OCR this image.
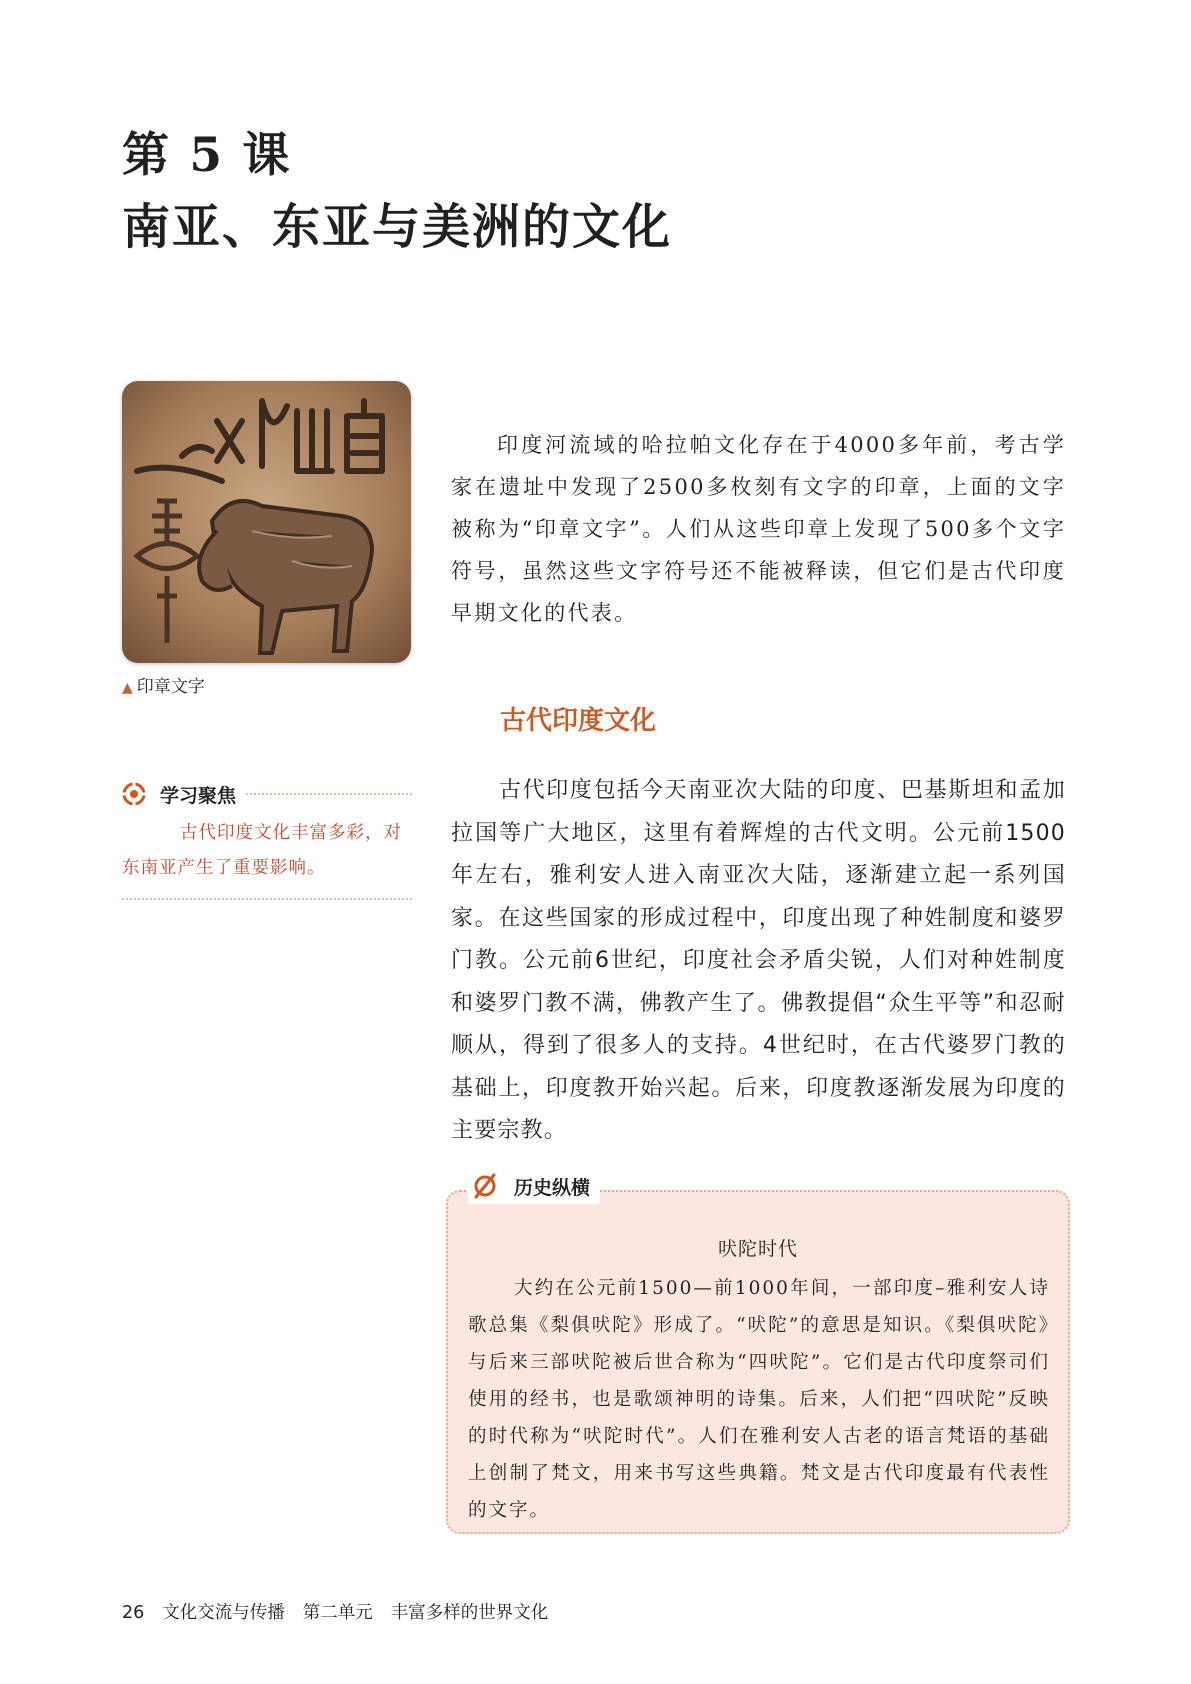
第 5 课
南亚、东亚与美洲的文化
▲ 印章文字

印度河流域的哈拉帕文化存在于4000多年前，考古学家在遗址中发现了2500多枚刻有文字的印章，上面的文字被称为“印章文字”。人们从这些印章上发现了500多个文字符号，虽然这些文字符号还不能被释读，但它们是古代印度早期文化的代表。

古代印度文化
学习聚焦

古代印度文化丰富多彩，对东南亚产生了重要影响。

古代印度包括今天南亚次大陆的印度、巴基斯坦和孟加拉国等广大地区，这里有着辉煌的古代文明。公元前1500年左右，雅利安人进入南亚次大陆，逐渐建立起一系列国家。在这些国家的形成过程中，印度出现了种姓制度和婆罗门教。公元前6世纪，印度社会矛盾尖锐，人们对种姓制度和婆罗门教不满，佛教产生了。佛教提倡“众生平等”和忍耐顺从，得到了很多人的支持。4世纪时，在古代婆罗门教的基础上，印度教开始兴起。后来，印度教逐渐发展为印度的主要宗教。

历史纵横
吠陀时代

大约在公元前1500—前1000年间，一部印度–雅利安人诗歌总集《梨俱吠陀》形成了。“吠陀”的意思是知识。《梨俱吠陀》与后来三部吠陀被后世合称为“四吠陀”。它们是古代印度祭司们使用的经书，也是歌颂神明的诗集。后来，人们把“四吠陀”反映的时代称为“吠陀时代”。人们在雅利安人古老的语言梵语的基础上创制了梵文，用来书写这些典籍。梵文是古代印度最有代表性的文字。

26 文化交流与传播 第二单元 丰富多样的世界文化
